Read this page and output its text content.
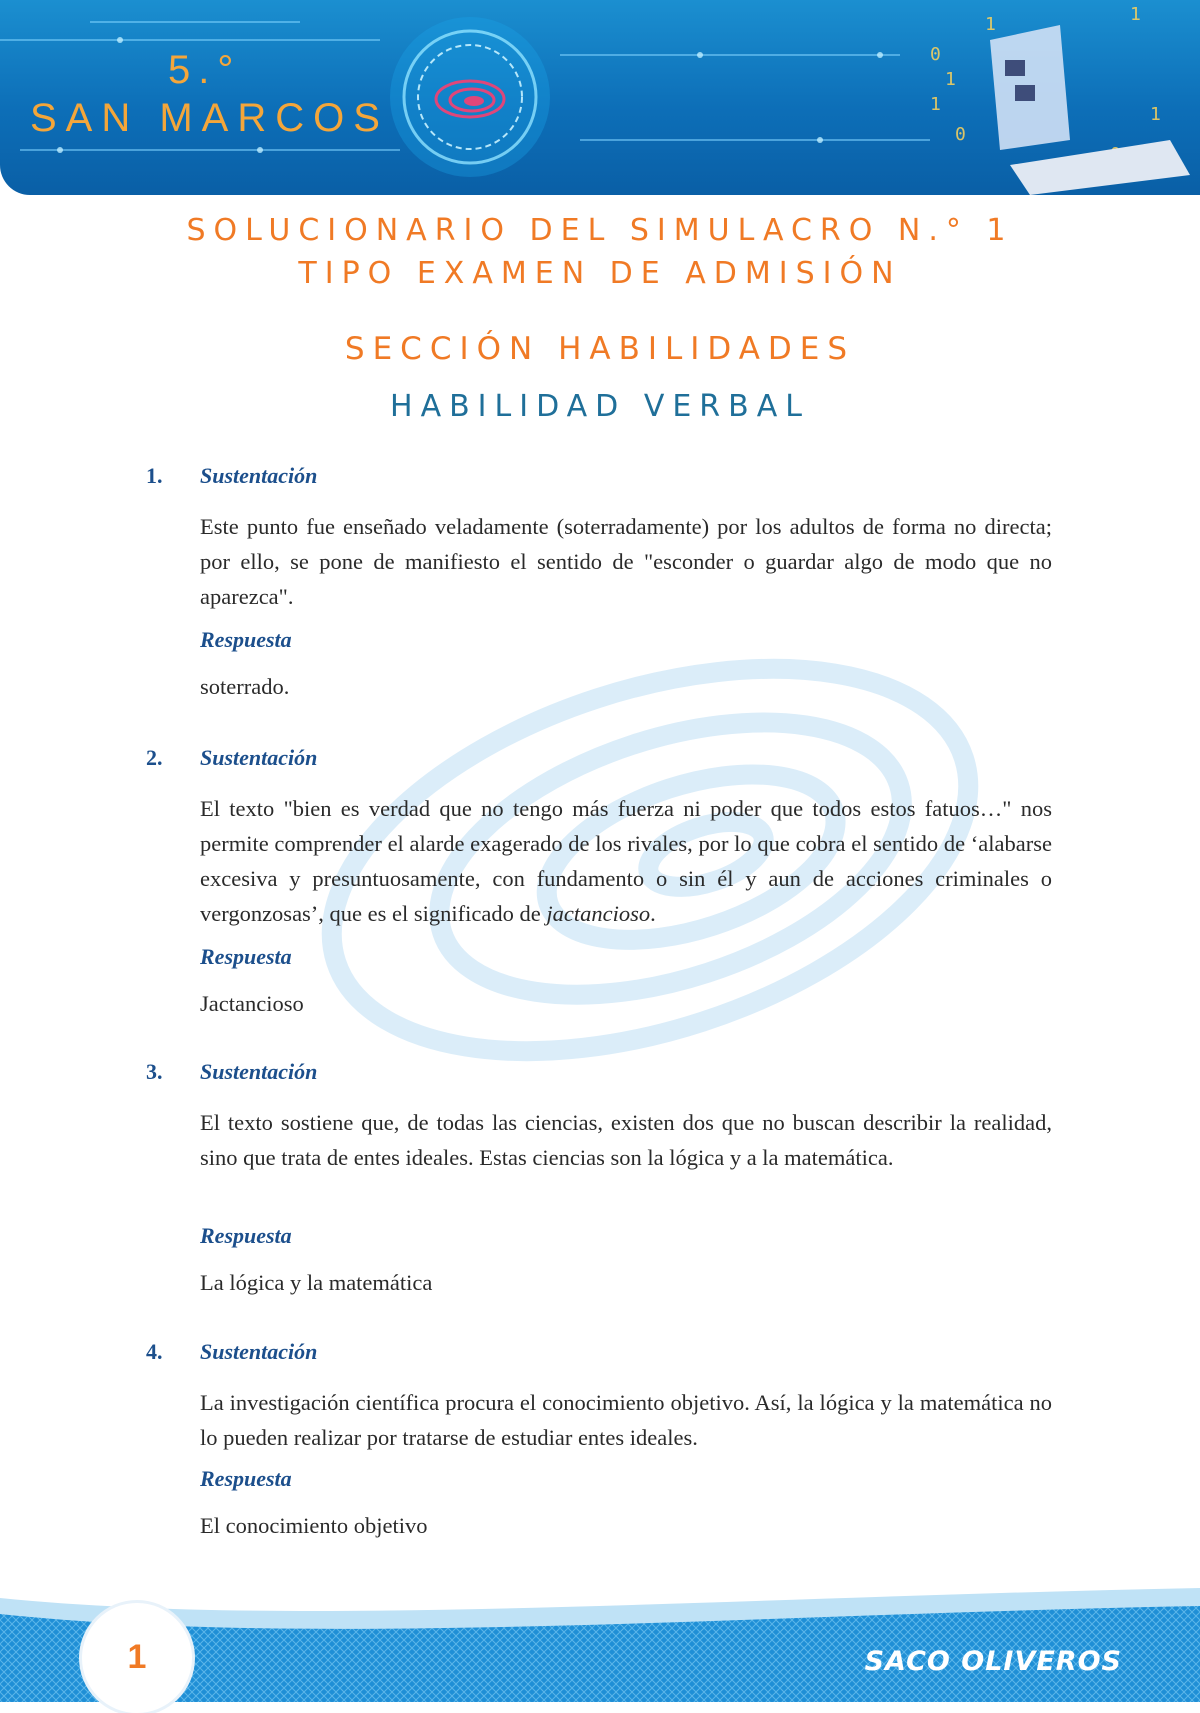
0
1
1
0
1
1
1
5.°
SAN MARCOS
SOLUCIONARIO DEL SIMULACRO N.° 1
TIPO EXAMEN DE ADMISIÓN
SECCIÓN HABILIDADES
HABILIDAD VERBAL
1. Sustentación
Este punto fue enseñado veladamente (soterradamente) por los adultos de forma no directa; por ello, se pone de manifiesto el sentido de "esconder o guardar algo de modo que no aparezca".
Respuesta
soterrado.
2. Sustentación
El texto "bien es verdad que no tengo más fuerza ni poder que todos estos fatuos…" nos permite comprender el alarde exagerado de los rivales, por lo que cobra el sentido de ‘alabarse excesiva y presuntuosamente, con fundamento o sin él y aun de acciones criminales o vergonzosas’, que es el significado de jactancioso.
Respuesta
Jactancioso
3. Sustentación
El texto sostiene que, de todas las ciencias, existen dos que no buscan describir la realidad, sino que trata de entes ideales. Estas ciencias son la lógica y a la matemática.
Respuesta
La lógica y la matemática
4. Sustentación
La investigación científica procura el conocimiento objetivo. Así, la lógica y la matemática no lo pueden realizar por tratarse de estudiar entes ideales.
Respuesta
El conocimiento objetivo
1	SACO OLIVEROS
